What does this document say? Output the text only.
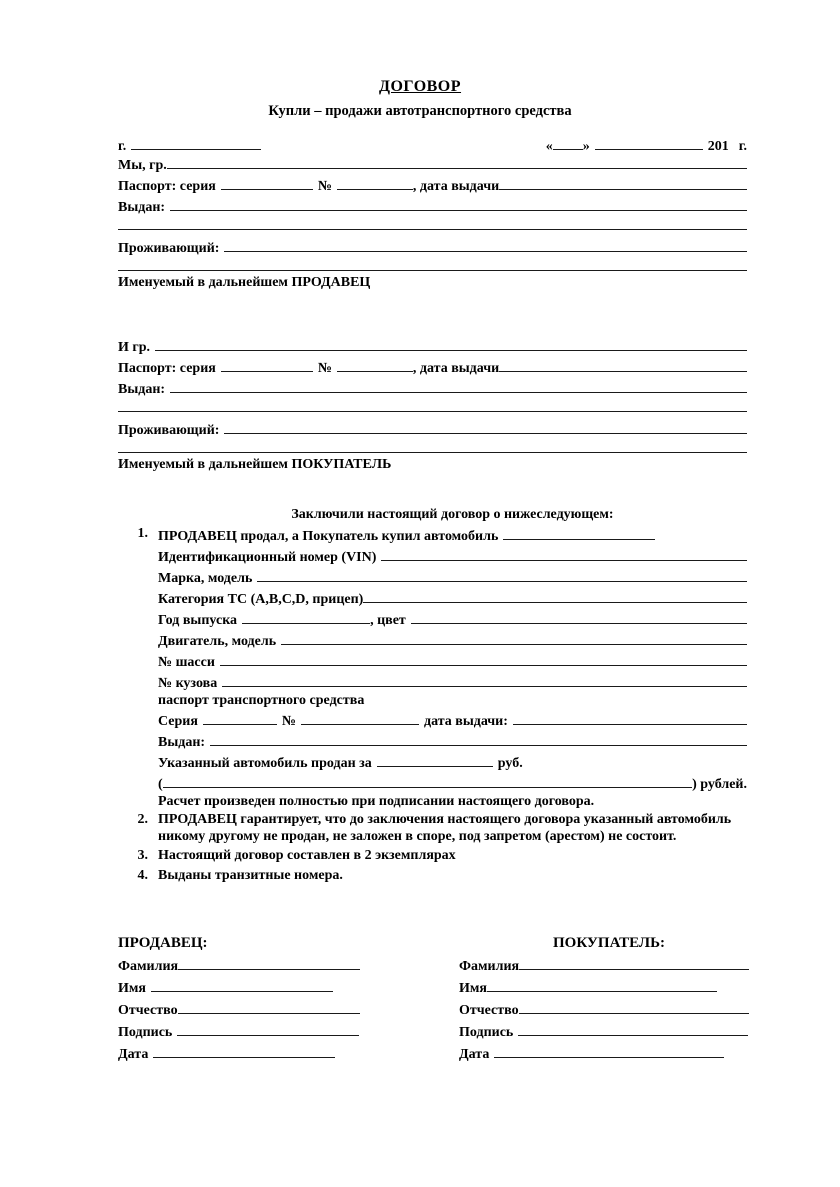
ДОГОВОР
Купли – продажи автотранспортного средства
г.	« »	201 г.
Мы, гр.
Паспорт: серия	№	, дата выдачи
Выдан:
Проживающий:
Именуемый в дальнейшем ПРОДАВЕЦ
И гр.
Паспорт: серия	№	, дата выдачи
Выдан:
Проживающий:
Именуемый в дальнейшем ПОКУПАТЕЛЬ
Заключили настоящий договор о нижеследующем:
1. ПРОДАВЕЦ продал, а Покупатель купил автомобиль
Идентификационный номер (VIN)
Марка, модель
Категория ТС (А,В,С,D, прицеп)
Год выпуска	, цвет
Двигатель, модель
№ шасси
№ кузова
паспорт транспортного средства
Серия	№	дата выдачи:
Выдан:
Указанный автомобиль продан за	руб.
(	) рублей.
Расчет произведен полностью при подписании настоящего договора.
2. ПРОДАВЕЦ гарантирует, что до заключения настоящего договора указанный автомобиль никому другому не продан, не заложен в споре, под запретом (арестом) не состоит.
3. Настоящий договор составлен в 2 экземплярах
4. Выданы транзитные номера.
ПРОДАВЕЦ:
Фамилия
Имя
Отчество
Подпись
Дата
ПОКУПАТЕЛЬ:
Фамилия
Имя
Отчество
Подпись
Дата
